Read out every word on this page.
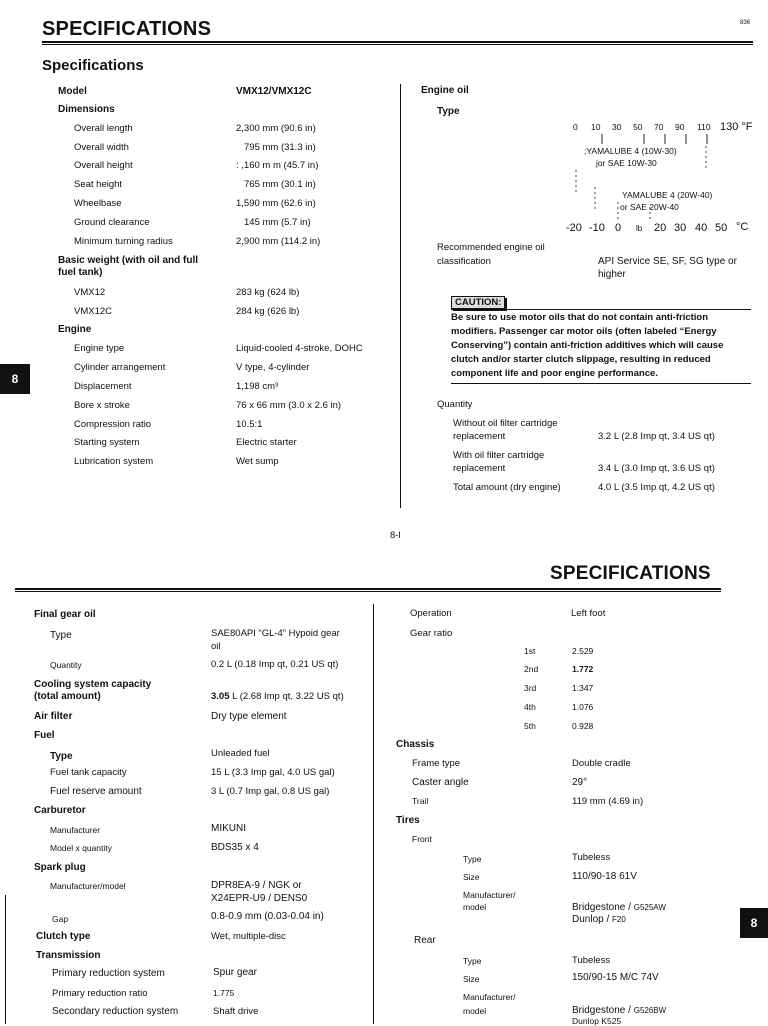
SPECIFICATIONS	836
Specifications
Model	VMX12/VMX12C
Dimensions
Overall length	2,300 mm (90.6 in)
Overall width	795 mm (31.3 in)
Overall height	: ,160 m m (45.7 in)
Seat height	765 mm (30.1 in)
Wheelbase	1,590 mm (62.6 in)
Ground clearance	145 mm (5.7 in)
Minimum turning radius	2,900 mm (114.2 in)
Basic weight (with oil and full
fuel tank)
VMX12	283 kg (624 lb)
VMX12C	284 kg (626 lb)
Engine
Engine type	Liquid-cooled 4-stroke, DOHC
Cylinder arrangement	V type, 4-cylinder
Displacement	1,198 cm³
Bore x stroke	76 x 66 mm (3.0 x 2.6 in)
Compression ratio	10.5:1
Starting system	Electric starter
Lubrication system	Wet sump
8
Engine oil
Type
0 10 30 50 70 90 110 130 °F
;YAMALUBE 4 (10W-30)
jor SAE 10W-30
YAMALUBE 4 (20W-40)
or SAE 20W-40
-20 -10 0 lb 20 30 40 50 °C
Recommended engine oil
classification	API Service SE, SF, SG type or
higher
CAUTION:
Be sure to use motor oils that do not contain anti-friction modifiers. Passenger car motor oils (often labeled “Energy Conserving”) contain anti-friction additives which will cause clutch and/or starter clutch slippage, resulting in reduced component life and poor engine performance.
Quantity
Without oil filter cartridge
replacement	3.2 L (2.8 Imp qt, 3.4 US qt)
With oil filter cartridge
replacement	3.4 L (3.0 Imp qt, 3.6 US qt)
Total amount (dry engine)	4.0 L (3.5 Imp qt, 4.2 US qt)
8-l
SPECIFICATIONS
Final gear oil
Type	SAE80API “GL-4” Hypoid gear
oil
Quantity	0.2 L (0.18 Imp qt, 0.21 US qt)
Cooling system capacity
(total amount)	3.05 L (2.68 Imp qt, 3.22 US qt)
Air filter	Dry type element
Fuel
Type	Unleaded fuel
Fuel tank capacity	15 L (3.3 Imp gal, 4.0 US gal)
Fuel reserve amount	3 L (0.7 Imp gal, 0.8 US gal)
Carburetor
Manufacturer	MIKUNI
Model x quantity	BDS35 x 4
Spark plug
Manufacturer/model	DPR8EA-9 / NGK or
X24EPR-U9 / DENS0
Gap	0.8-0.9 mm (0.03-0.04 in)
Clutch type	Wet, multiple-disc
Transmission
Primary reduction system	Spur gear
Primary reduction ratio	1.775
Secondary reduction system	Shaft drive
Operation	Left foot
Gear ratio
1st	2.529
2nd	1.772
3rd	1.347
4th	1.076
5th	0.928
Chassis
Frame type	Double cradle
Caster angle	29°
Trail	119 mm (4.69 in)
Tires
Front
Type	Tubeless
Size	110/90-18 61V
Manufacturer/
model	Bridgestone / G525AW
Dunlop / F20
Rear
Type	Tubeless
Size	150/90-15 M/C 74V
Manufacturer/
model	Bridgestone / G526BW
Dunlop K525
8
